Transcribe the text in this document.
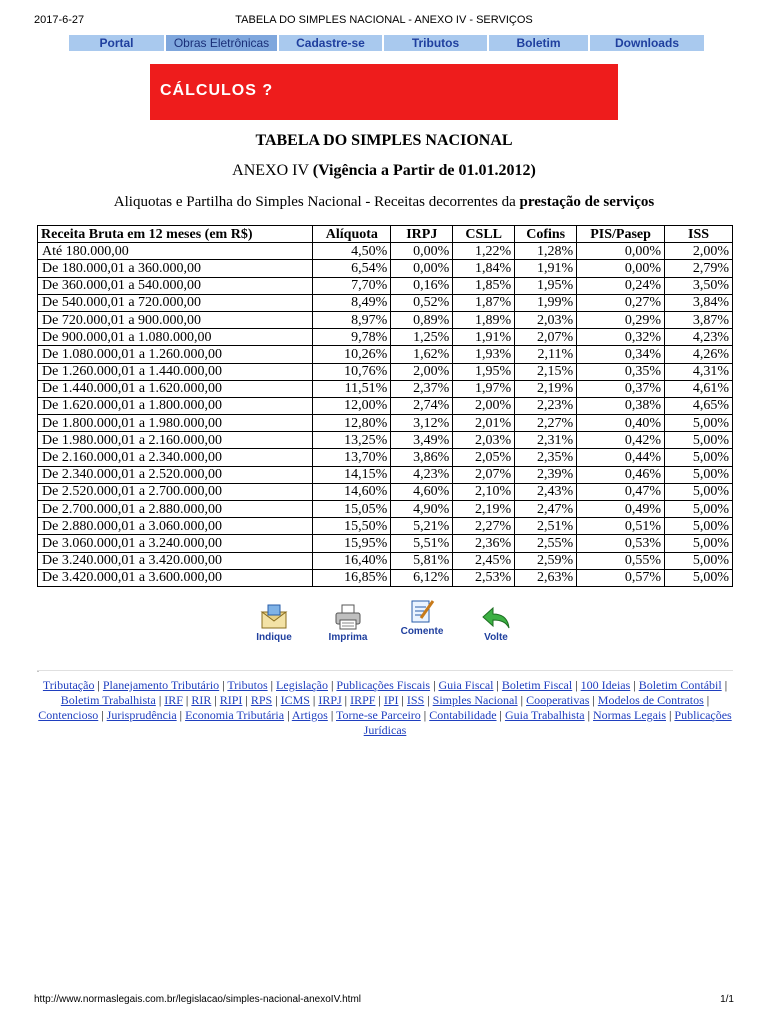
2017-6-27	TABELA DO SIMPLES NACIONAL - ANEXO IV - SERVIÇOS
Portal	Obras Eletrônicas	Cadastre-se	Tributos	Boletim	Downloads
CÁLCULOS ?
TABELA DO SIMPLES NACIONAL
ANEXO IV (Vigência a Partir de 01.01.2012)
Aliquotas e Partilha do Simples Nacional - Receitas decorrentes da prestação de serviços
Receita Bruta em 12 meses (em R$)	Alíquota	IRPJ	CSLL	Cofins	PIS/Pasep	ISS
Até 180.000,00	4,50%	0,00%	1,22%	1,28%	0,00%	2,00%
De 180.000,01 a 360.000,00	6,54%	0,00%	1,84%	1,91%	0,00%	2,79%
De 360.000,01 a 540.000,00	7,70%	0,16%	1,85%	1,95%	0,24%	3,50%
De 540.000,01 a 720.000,00	8,49%	0,52%	1,87%	1,99%	0,27%	3,84%
De 720.000,01 a 900.000,00	8,97%	0,89%	1,89%	2,03%	0,29%	3,87%
De 900.000,01 a 1.080.000,00	9,78%	1,25%	1,91%	2,07%	0,32%	4,23%
De 1.080.000,01 a 1.260.000,00	10,26%	1,62%	1,93%	2,11%	0,34%	4,26%
De 1.260.000,01 a 1.440.000,00	10,76%	2,00%	1,95%	2,15%	0,35%	4,31%
De 1.440.000,01 a 1.620.000,00	11,51%	2,37%	1,97%	2,19%	0,37%	4,61%
De 1.620.000,01 a 1.800.000,00	12,00%	2,74%	2,00%	2,23%	0,38%	4,65%
De 1.800.000,01 a 1.980.000,00	12,80%	3,12%	2,01%	2,27%	0,40%	5,00%
De 1.980.000,01 a 2.160.000,00	13,25%	3,49%	2,03%	2,31%	0,42%	5,00%
De 2.160.000,01 a 2.340.000,00	13,70%	3,86%	2,05%	2,35%	0,44%	5,00%
De 2.340.000,01 a 2.520.000,00	14,15%	4,23%	2,07%	2,39%	0,46%	5,00%
De 2.520.000,01 a 2.700.000,00	14,60%	4,60%	2,10%	2,43%	0,47%	5,00%
De 2.700.000,01 a 2.880.000,00	15,05%	4,90%	2,19%	2,47%	0,49%	5,00%
De 2.880.000,01 a 3.060.000,00	15,50%	5,21%	2,27%	2,51%	0,51%	5,00%
De 3.060.000,01 a 3.240.000,00	15,95%	5,51%	2,36%	2,55%	0,53%	5,00%
De 3.240.000,01 a 3.420.000,00	16,40%	5,81%	2,45%	2,59%	0,55%	5,00%
De 3.420.000,01 a 3.600.000,00	16,85%	6,12%	2,53%	2,63%	0,57%	5,00%
Indique	Imprima
Comente
Volte
.
Tributação | Planejamento Tributário | Tributos | Legislação | Publicações Fiscais | Guia Fiscal | Boletim Fiscal | 100 Ideias | Boletim Contábil | Boletim Trabalhista | IRF | RIR | RIPI | RPS | ICMS | IRPJ | IRPF | IPI | ISS | Simples Nacional | Cooperativas | Modelos de Contratos | Contencioso | Jurisprudência | Economia Tributária | Artigos | Torne-se Parceiro | Contabilidade | Guia Trabalhista | Normas Legais | Publicações Jurídicas
http://www.normaslegais.com.br/legislacao/simples-nacional-anexoIV.html	1/1
